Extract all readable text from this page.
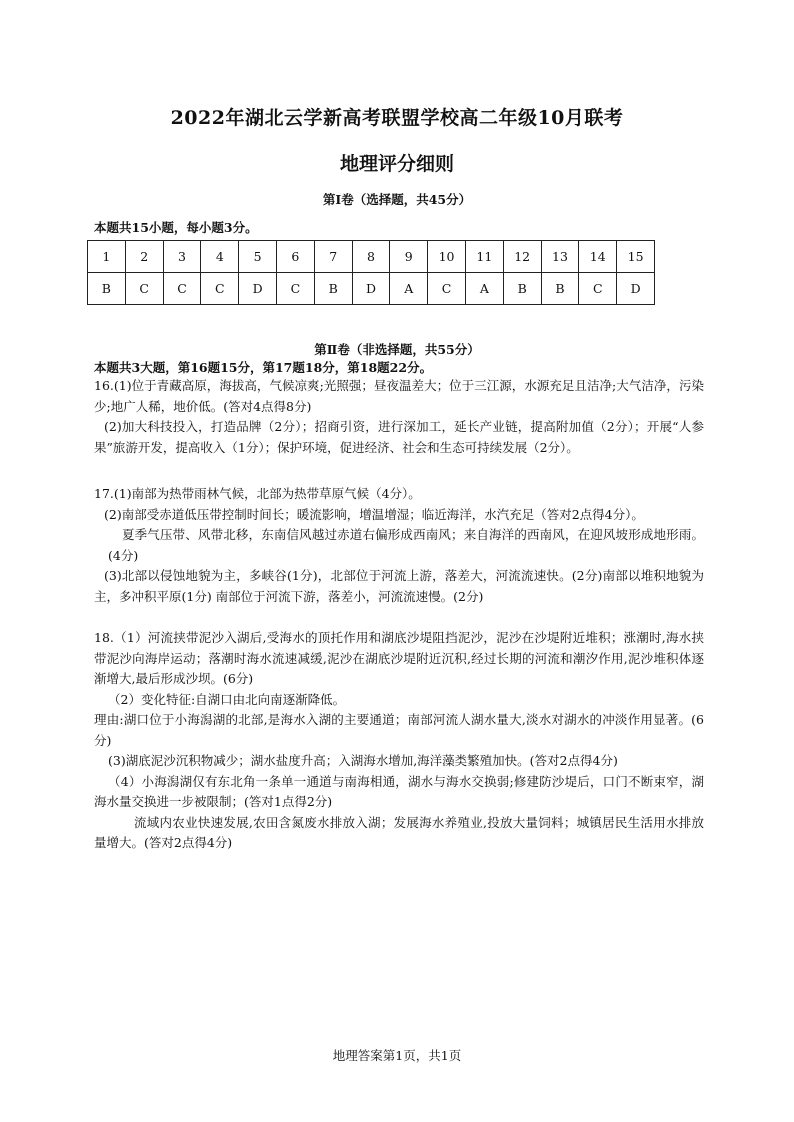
2022年湖北云学新高考联盟学校高二年级10月联考
地理评分细则
第Ⅰ卷（选择题，共45分）
本题共15小题，每小题3分。
1	2	3	4	5	6	7	8	9	10	11	12	13	14	15
B	C	C	C	D	C	B	D	A	C	A	B	B	C	D
第Ⅱ卷（非选择题，共55分）
本题共3大题，第16题15分，第17题18分，第18题22分。

16.(1)位于青藏高原，海拔高，气候凉爽;光照强；昼夜温差大；位于三江源，水源充足且洁净;大气洁净，污染少;地广人稀，地价低。(答对4点得8分)

(2)加大科技投入，打造品牌（2分）；招商引资，进行深加工，延长产业链，提高附加值（2分）；开展“人参果”旅游开发，提高收入（1分）；保护环境，促进经济、社会和生态可持续发展（2分）。

17.(1)南部为热带雨林气候，北部为热带草原气候（4分）。

(2)南部受赤道低压带控制时间长；暖流影响，增温增湿；临近海洋，水汽充足（答对2点得4分）。

夏季气压带、风带北移，东南信风越过赤道右偏形成西南风；来自海洋的西南风，在迎风坡形成地形雨。(4分)

(3)北部以侵蚀地貌为主，多峡谷(1分)，北部位于河流上游，落差大，河流流速快。(2分)南部以堆积地貌为主，多冲积平原(1分) 南部位于河流下游，落差小，河流流速慢。(2分)

18.（1）河流挟带泥沙入湖后,受海水的顶托作用和湖底沙堤阻挡泥沙，泥沙在沙堤附近堆积；涨潮时,海水挟带泥沙向海岸运动；落潮时海水流速减缓,泥沙在湖底沙堤附近沉积,经过长期的河流和潮汐作用,泥沙堆积体逐渐增大,最后形成沙坝。(6分)

（2）变化特征:自湖口由北向南逐渐降低。

理由:湖口位于小海潟湖的北部,是海水入湖的主要通道；南部河流人湖水量大,淡水对湖水的冲淡作用显著。(6分)

(3)湖底泥沙沉积物减少；湖水盐度升高；入湖海水增加,海洋藻类繁殖加快。(答对2点得4分)

（4）小海潟湖仅有东北角一条单一通道与南海相通，湖水与海水交换弱;修建防沙堤后，口门不断束窄，湖海水量交换进一步被限制；(答对1点得2分)

流域内农业快速发展,农田含氮废水排放入湖；发展海水养殖业,投放大量饲料；城镇居民生活用水排放量增大。(答对2点得4分)

地理答案第1页，共1页
